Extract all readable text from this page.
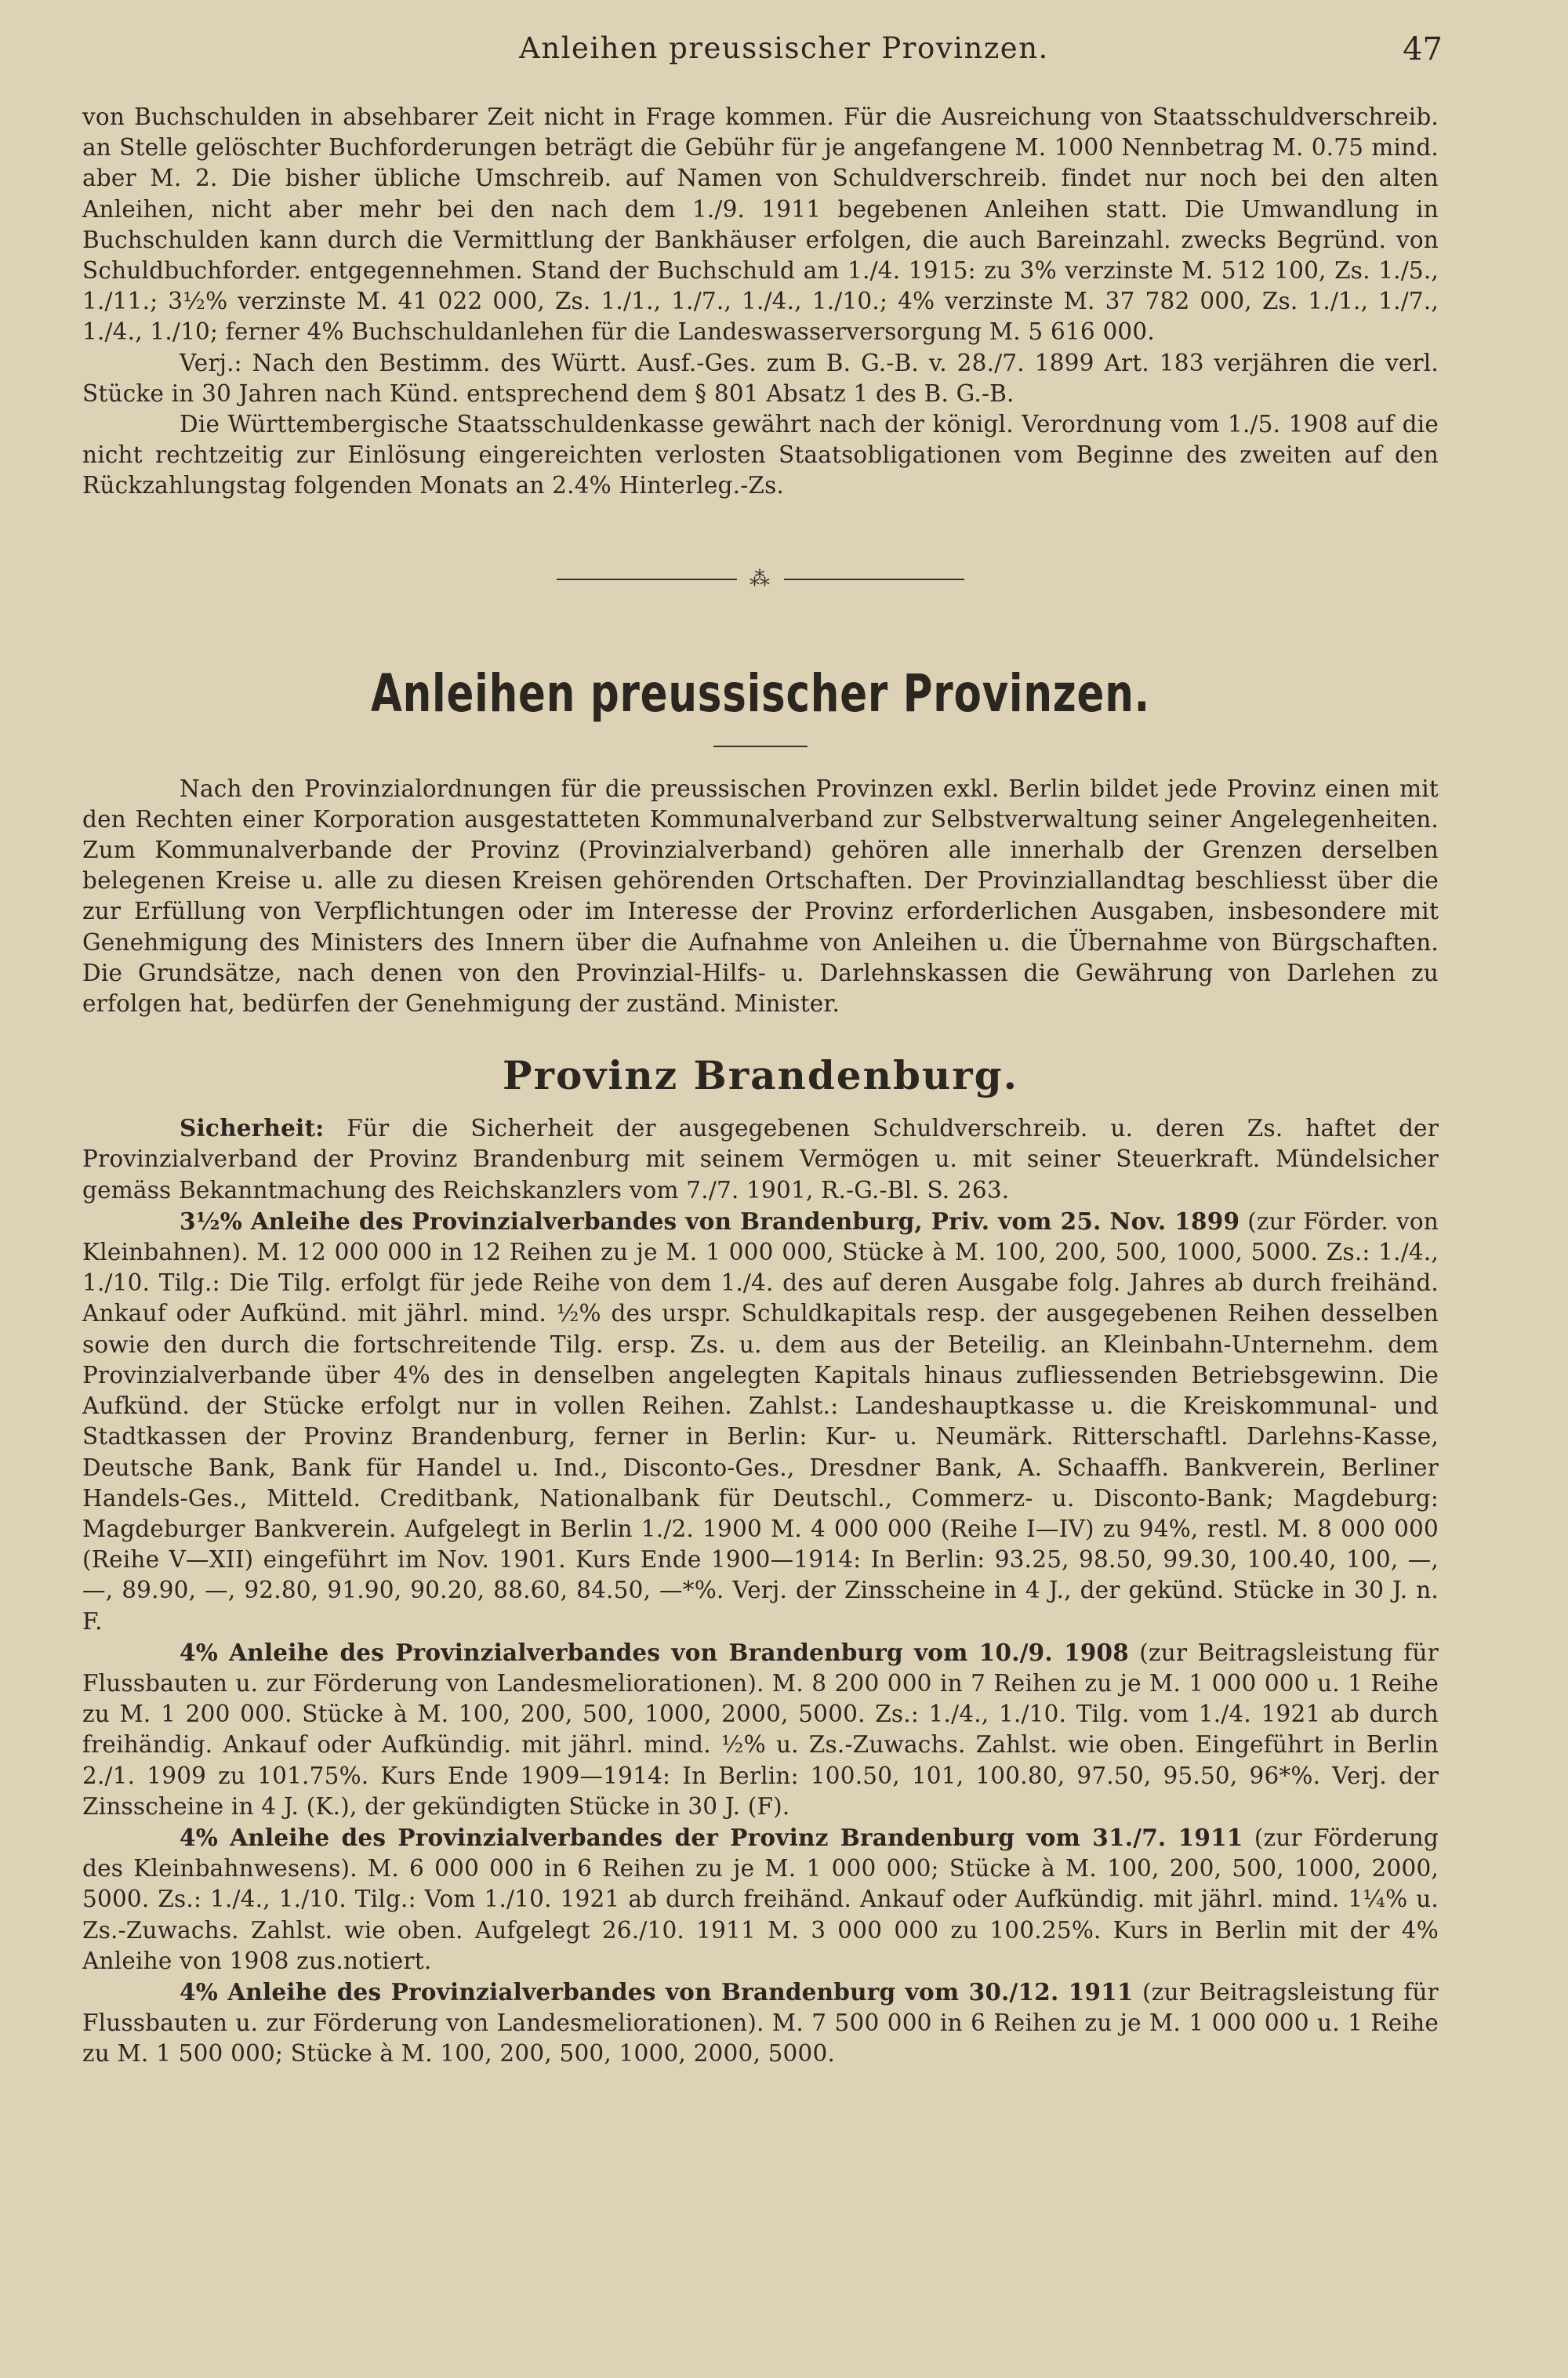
Anleihen preussischer Provinzen.	47

von Buchschulden in absehbarer Zeit nicht in Frage kommen. Für die Ausreichung von Staatsschuldverschreib. an Stelle gelöschter Buchforderungen beträgt die Gebühr für je angefangene M. 1000 Nennbetrag M. 0.75 mind. aber M. 2. Die bisher übliche Umschreib. auf Namen von Schuldverschreib. findet nur noch bei den alten Anleihen, nicht aber mehr bei den nach dem 1./9. 1911 begebenen Anleihen statt. Die Umwandlung in Buchschulden kann durch die Vermittlung der Bankhäuser erfolgen, die auch Bareinzahl. zwecks Begründ. von Schuldbuchforder. entgegennehmen. Stand der Buchschuld am 1./4. 1915: zu 3% verzinste M. 512 100, Zs. 1./5., 1./11.; 3½% verzinste M. 41 022 000, Zs. 1./1., 1./7., 1./4., 1./10.; 4% verzinste M. 37 782 000, Zs. 1./1., 1./7., 1./4., 1./10; ferner 4% Buchschuldanlehen für die Landeswasserversorgung M. 5 616 000.

Verj.: Nach den Bestimm. des Württ. Ausf.-Ges. zum B. G.-B. v. 28./7. 1899 Art. 183 verjähren die verl. Stücke in 30 Jahren nach Künd. entsprechend dem § 801 Absatz 1 des B. G.-B.

Die Württembergische Staatsschuldenkasse gewährt nach der königl. Verordnung vom 1./5. 1908 auf die nicht rechtzeitig zur Einlösung eingereichten verlosten Staatsobligationen vom Beginne des zweiten auf den Rückzahlungstag folgenden Monats an 2.4% Hinterleg.-Zs.

⁂
Anleihen preussischer Provinzen.

Nach den Provinzialordnungen für die preussischen Provinzen exkl. Berlin bildet jede Provinz einen mit den Rechten einer Korporation ausgestatteten Kommunalverband zur Selbstverwaltung seiner Angelegenheiten. Zum Kommunalverbande der Provinz (Provinzialverband) gehören alle innerhalb der Grenzen derselben belegenen Kreise u. alle zu diesen Kreisen gehörenden Ortschaften. Der Provinziallandtag beschliesst über die zur Erfüllung von Verpflichtungen oder im Interesse der Provinz erforderlichen Ausgaben, insbesondere mit Genehmigung des Ministers des Innern über die Aufnahme von Anleihen u. die Übernahme von Bürgschaften. Die Grundsätze, nach denen von den Provinzial-Hilfs- u. Darlehnskassen die Gewährung von Darlehen zu erfolgen hat, bedürfen der Genehmigung der zuständ. Minister.

Provinz Brandenburg.

Sicherheit: Für die Sicherheit der ausgegebenen Schuldverschreib. u. deren Zs. haftet der Provinzialverband der Provinz Brandenburg mit seinem Vermögen u. mit seiner Steuerkraft. Mündelsicher gemäss Bekanntmachung des Reichskanzlers vom 7./7. 1901, R.-G.-Bl. S. 263.

3½% Anleihe des Provinzialverbandes von Brandenburg, Priv. vom 25. Nov. 1899 (zur Förder. von Kleinbahnen). M. 12 000 000 in 12 Reihen zu je M. 1 000 000, Stücke à M. 100, 200, 500, 1000, 5000. Zs.: 1./4., 1./10. Tilg.: Die Tilg. erfolgt für jede Reihe von dem 1./4. des auf deren Ausgabe folg. Jahres ab durch freihänd. Ankauf oder Aufkünd. mit jährl. mind. ½% des urspr. Schuldkapitals resp. der ausgegebenen Reihen desselben sowie den durch die fortschreitende Tilg. ersp. Zs. u. dem aus der Beteilig. an Kleinbahn-Unternehm. dem Provinzialverbande über 4% des in denselben angelegten Kapitals hinaus zufliessenden Betriebsgewinn. Die Aufkünd. der Stücke erfolgt nur in vollen Reihen. Zahlst.: Landeshauptkasse u. die Kreiskommunal- und Stadtkassen der Provinz Brandenburg, ferner in Berlin: Kur- u. Neumärk. Ritterschaftl. Darlehns-Kasse, Deutsche Bank, Bank für Handel u. Ind., Disconto-Ges., Dresdner Bank, A. Schaaffh. Bankverein, Berliner Handels-Ges., Mitteld. Creditbank, Nationalbank für Deutschl., Commerz- u. Disconto-Bank; Magdeburg: Magdeburger Bankverein. Aufgelegt in Berlin 1./2. 1900 M. 4 000 000 (Reihe I—IV) zu 94%, restl. M. 8 000 000 (Reihe V—XII) eingeführt im Nov. 1901. Kurs Ende 1900—1914: In Berlin: 93.25, 98.50, 99.30, 100.40, 100, —, —, 89.90, —, 92.80, 91.90, 90.20, 88.60, 84.50, —*%. Verj. der Zinsscheine in 4 J., der gekünd. Stücke in 30 J. n. F.

4% Anleihe des Provinzialverbandes von Brandenburg vom 10./9. 1908 (zur Beitragsleistung für Flussbauten u. zur Förderung von Landesmeliorationen). M. 8 200 000 in 7 Reihen zu je M. 1 000 000 u. 1 Reihe zu M. 1 200 000. Stücke à M. 100, 200, 500, 1000, 2000, 5000. Zs.: 1./4., 1./10. Tilg. vom 1./4. 1921 ab durch freihändig. Ankauf oder Aufkündig. mit jährl. mind. ½% u. Zs.-Zuwachs. Zahlst. wie oben. Eingeführt in Berlin 2./1. 1909 zu 101.75%. Kurs Ende 1909—1914: In Berlin: 100.50, 101, 100.80, 97.50, 95.50, 96*%. Verj. der Zinsscheine in 4 J. (K.), der gekündigten Stücke in 30 J. (F).

4% Anleihe des Provinzialverbandes der Provinz Brandenburg vom 31./7. 1911 (zur Förderung des Kleinbahnwesens). M. 6 000 000 in 6 Reihen zu je M. 1 000 000; Stücke à M. 100, 200, 500, 1000, 2000, 5000. Zs.: 1./4., 1./10. Tilg.: Vom 1./10. 1921 ab durch freihänd. Ankauf oder Aufkündig. mit jährl. mind. 1¼% u. Zs.-Zuwachs. Zahlst. wie oben. Aufgelegt 26./10. 1911 M. 3 000 000 zu 100.25%. Kurs in Berlin mit der 4% Anleihe von 1908 zus.notiert.

4% Anleihe des Provinzialverbandes von Brandenburg vom 30./12. 1911 (zur Beitragsleistung für Flussbauten u. zur Förderung von Landesmeliorationen). M. 7 500 000 in 6 Reihen zu je M. 1 000 000 u. 1 Reihe zu M. 1 500 000; Stücke à M. 100, 200, 500, 1000, 2000, 5000.
